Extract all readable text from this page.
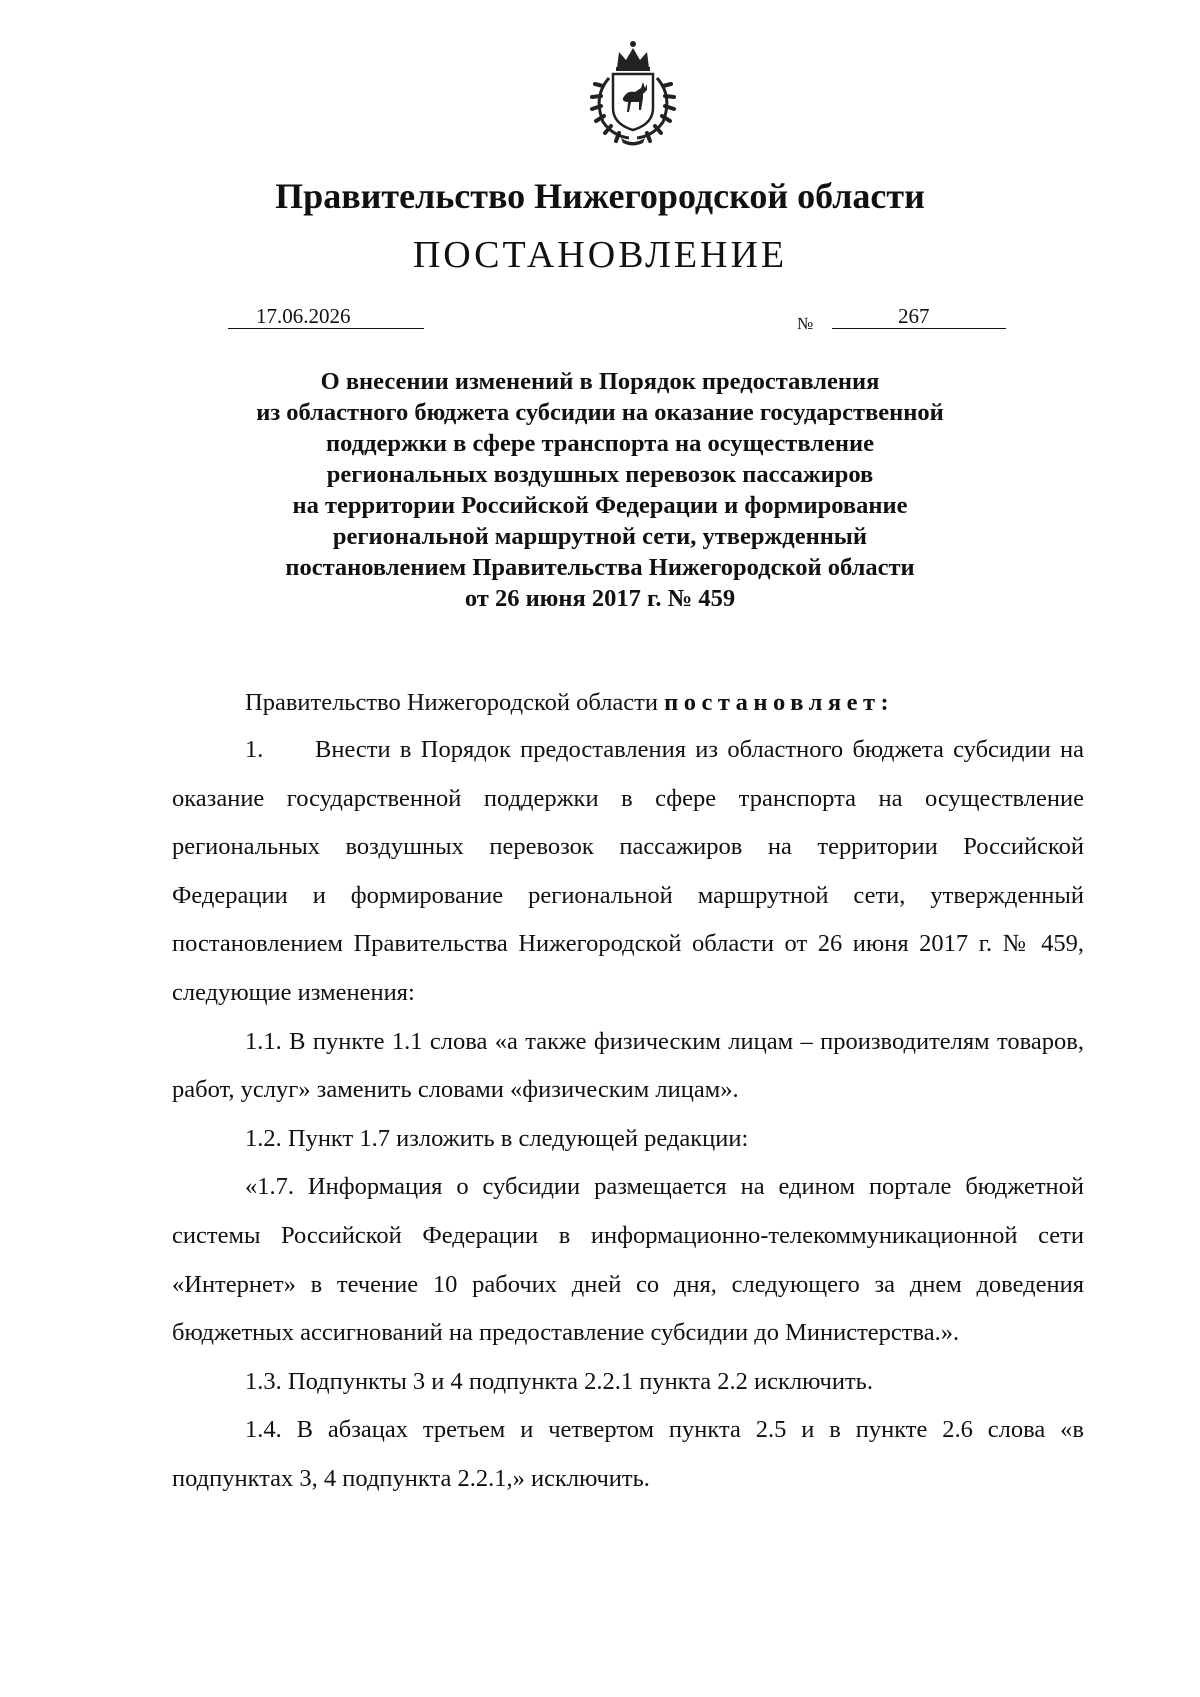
Правительство Нижегородской области
ПОСТАНОВЛЕНИЕ
17.06.2026	№	267
О внесении изменений в Порядок предоставления
из областного бюджета субсидии на оказание государственной
поддержки в сфере транспорта на осуществление
региональных воздушных перевозок пассажиров
на территории Российской Федерации и формирование
региональной маршрутной сети, утвержденный
постановлением Правительства Нижегородской области
от 26 июня 2017 г. № 459
Правительство Нижегородской области постановляет:

1. Внести в Порядок предоставления из областного бюджета субсидии на оказание государственной поддержки в сфере транспорта на осуществление региональных воздушных перевозок пассажиров на территории Российской Федерации и формирование региональной маршрутной сети, утвержденный постановлением Правительства Нижегородской области от 26 июня 2017 г. № 459, следующие изменения:

1.1. В пункте 1.1 слова «а также физическим лицам – производителям товаров, работ, услуг» заменить словами «физическим лицам».

1.2. Пункт 1.7 изложить в следующей редакции:

«1.7. Информация о субсидии размещается на едином портале бюджетной системы Российской Федерации в информационно-телекоммуникационной сети «Интернет» в течение 10 рабочих дней со дня, следующего за днем доведения бюджетных ассигнований на предоставление субсидии до Министерства.».

1.3. Подпункты 3 и 4 подпункта 2.2.1 пункта 2.2 исключить.

1.4. В абзацах третьем и четвертом пункта 2.5 и в пункте 2.6 слова «в подпунктах 3, 4 подпункта 2.2.1,» исключить.
